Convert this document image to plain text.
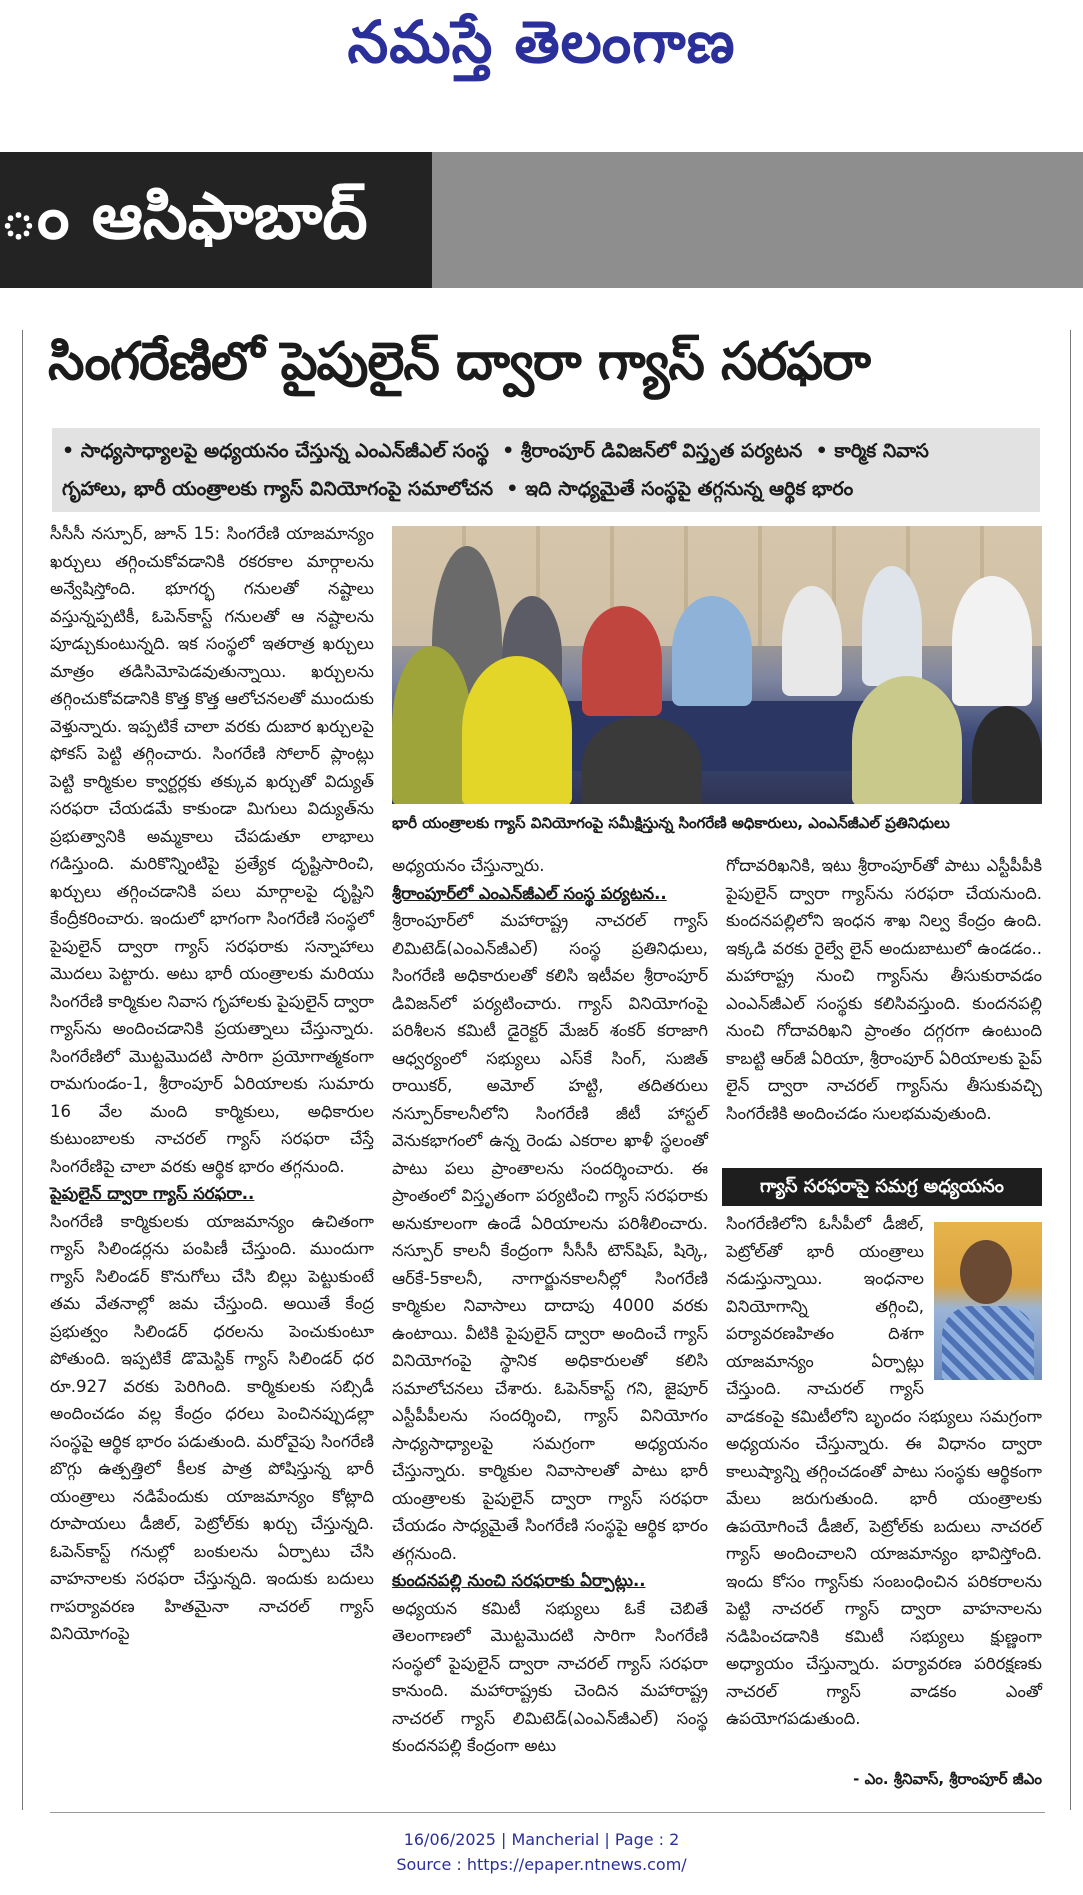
నమస్తే తెలంగాణ
ం ఆసిఫాబాద్
సింగరేణిలో పైపులైన్ ద్వారా గ్యాస్ సరఫరా
• సాధ్యసాధ్యాలపై అధ్యయనం చేస్తున్న ఎంఎన్‌జీఎల్ సంస్థ • శ్రీరాంపూర్ డివిజన్‌లో విస్తృత పర్యటన • కార్మిక నివాస
గృహాలు, భారీ యంత్రాలకు గ్యాస్ వినియోగంపై సమాలోచన • ఇది సాధ్యమైతే సంస్థపై తగ్గనున్న ఆర్థిక భారం
భారీ యంత్రాలకు గ్యాస్ వినియోగంపై సమీక్షిస్తున్న సింగరేణి అధికారులు, ఎంఎన్‌జీఎల్ ప్రతినిధులు

సీసీసీ నస్పూర్, జూన్ 15: సింగరేణి యాజమాన్యం ఖర్చులు తగ్గించుకోవడానికి రకరకాల మార్గాలను అన్వేషిస్తోంది. భూగర్భ గనులతో నష్టాలు వస్తున్నప్పటికీ, ఓపెన్‌కాస్ట్ గనులతో ఆ నష్టాలను పూడ్చుకుంటున్నది. ఇక సంస్థలో ఇతరాత్ర ఖర్చులు మాత్రం తడిసిమోపెడవుతున్నాయి. ఖర్చులను తగ్గించుకోవడానికి కొత్త కొత్త ఆలోచనలతో ముందుకు వెళ్తున్నారు. ఇప్పటికే చాలా వరకు దుబార ఖర్చులపై ఫోకస్ పెట్టి తగ్గించారు. సింగరేణి సోలార్ ప్లాంట్లు పెట్టి కార్మికుల క్వార్టర్లకు తక్కువ ఖర్చుతో విద్యుత్ సరఫరా చేయడమే కాకుండా మిగులు విద్యుత్‌ను ప్రభుత్వానికి అమ్మకాలు చేపడుతూ లాభాలు గడిస్తుంది. మరికొన్నింటిపై ప్రత్యేక దృష్టిసారించి, ఖర్చులు తగ్గించడానికి పలు మార్గాలపై దృష్టిని కేంద్రీకరించారు. ఇందులో భాగంగా సింగరేణి సంస్థలో పైపులైన్ ద్వారా గ్యాస్ సరఫరాకు సన్నాహాలు మొదలు పెట్టారు. అటు భారీ యంత్రాలకు మరియు సింగరేణి కార్మికుల నివాస గృహాలకు పైపులైన్ ద్వారా గ్యాస్‌ను అందించడానికి ప్రయత్నాలు చేస్తున్నారు. సింగరేణిలో మొట్టమొదటి సారిగా ప్రయోగాత్మకంగా రామగుండం-1, శ్రీరాంపూర్ ఏరియాలకు సుమారు 16 వేల మంది కార్మికులు, అధికారుల కుటుంబాలకు నాచరల్ గ్యాస్ సరఫరా చేస్తే సింగరేణిపై చాలా వరకు ఆర్థిక భారం తగ్గనుంది.

పైపులైన్ ద్వారా గ్యాస్ సరఫరా..

సింగరేణి కార్మికులకు యాజమాన్యం ఉచితంగా గ్యాస్ సిలిండర్లను పంపిణీ చేస్తుంది. ముందుగా గ్యాస్ సిలిండర్ కొనుగోలు చేసి బిల్లు పెట్టుకుంటే తమ వేతనాల్లో జమ చేస్తుంది. అయితే కేంద్ర ప్రభుత్వం సిలిండర్ ధరలను పెంచుకుంటూ పోతుంది. ఇప్పటికే డొమెస్టిక్ గ్యాస్ సిలిండర్ ధర రూ.927 వరకు పెరిగింది. కార్మికులకు సబ్సిడీ అందించడం వల్ల కేంద్రం ధరలు పెంచినప్పుడల్లా సంస్థపై ఆర్థిక భారం పడుతుంది. మరోవైపు సింగరేణి బొగ్గు ఉత్పత్తిలో కీలక పాత్ర పోషిస్తున్న భారీ యంత్రాలు నడిపేందుకు యాజమాన్యం కోట్లాది రూపాయలు డీజిల్, పెట్రోల్‌కు ఖర్చు చేస్తున్నది. ఓపెన్‌కాస్ట్ గనుల్లో బంకులను ఏర్పాటు చేసి వాహనాలకు సరఫరా చేస్తున్నది. ఇందుకు బదులు గాపర్యావరణ హితమైనా నాచరల్ గ్యాస్ వినియోగంపై

అధ్యయనం చేస్తున్నారు.

శ్రీరాంపూర్‌లో ఎంఎన్‌జీఎల్ సంస్థ పర్యటన..

శ్రీరాంపూర్‌లో మహారాష్ట్ర నాచరల్ గ్యాస్ లిమిటెడ్(ఎంఎన్‌జీఎల్) సంస్థ ప్రతినిధులు, సింగరేణి అధికారులతో కలిసి ఇటీవల శ్రీరాంపూర్ డివిజన్‌లో పర్యటించారు. గ్యాస్ వినియోగంపై పరిశీలన కమిటీ డైరెక్టర్ మేజర్ శంకర్ కరాజాగి ఆధ్వర్యంలో సభ్యులు ఎస్‌కే సింగ్, సుజిత్ రాయికర్, అమోల్ హట్టి, తదితరులు నస్పూర్‌కాలనీలోని సింగరేణి జీటీ హాస్టల్ వెనుకభాగంలో ఉన్న రెండు ఎకరాల ఖాళీ స్థలంతో పాటు పలు ప్రాంతాలను సందర్శించారు. ఈ ప్రాంతంలో విస్తృతంగా పర్యటించి గ్యాస్ సరఫరాకు అనుకూలంగా ఉండే ఏరియాలను పరిశీలించారు. నస్పూర్ కాలనీ కేంద్రంగా సీసీసీ టౌన్‌షిప్, షిర్కె, ఆర్‌కే-5కాలనీ, నాగార్జునకాలనీల్లో సింగరేణి కార్మికుల నివాసాలు దాదాపు 4000 వరకు ఉంటాయి. వీటికి పైపులైన్ ద్వారా అందించే గ్యాస్ వినియోగంపై స్థానిక అధికారులతో కలిసి సమాలోచనలు చేశారు. ఓపెన్‌కాస్ట్ గని, జైపూర్ ఎస్టీపీపీలను సందర్శించి, గ్యాస్ వినియోగం సాధ్యసాధ్యాలపై సమగ్రంగా అధ్యయనం చేస్తున్నారు. కార్మికుల నివాసాలతో పాటు భారీ యంత్రాలకు పైపులైన్ ద్వారా గ్యాస్ సరఫరా చేయడం సాధ్యమైతే సింగరేణి సంస్థపై ఆర్థిక భారం తగ్గనుంది.

కుందనపల్లి నుంచి సరఫరాకు ఏర్పాట్లు..

అధ్యయన కమిటీ సభ్యులు ఓకే చెబితే తెలంగాణలో మొట్టమొదటి సారిగా సింగరేణి సంస్థలో పైపులైన్ ద్వారా నాచరల్ గ్యాస్ సరఫరా కానుంది. మహారాష్ట్రకు చెందిన మహారాష్ట్ర నాచరల్ గ్యాస్ లిమిటెడ్(ఎంఎన్‌జీఎల్) సంస్థ కుందనపల్లి కేంద్రంగా అటు

గోదావరిఖనికి, ఇటు శ్రీరాంపూర్‌తో పాటు ఎస్టీపీపీకి పైపులైన్ ద్వారా గ్యాస్‌ను సరఫరా చేయనుంది. కుందనపల్లిలోని ఇంధన శాఖ నిల్వ కేంద్రం ఉంది. ఇక్కడి వరకు రైల్వే లైన్ అందుబాటులో ఉండడం.. మహారాష్ట్ర నుంచి గ్యాస్‌ను తీసుకురావడం ఎంఎన్‌జీఎల్ సంస్థకు కలిసివస్తుంది. కుందనపల్లి నుంచి గోదావరిఖని ప్రాంతం దగ్గరగా ఉంటుంది కాబట్టి ఆర్‌జీ ఏరియా, శ్రీరాంపూర్ ఏరియాలకు పైప్ లైన్ ద్వారా నాచరల్ గ్యాస్‌ను తీసుకువచ్చి సింగరేణికి అందించడం సులభమవుతుంది.

గ్యాస్ సరఫరాపై సమగ్ర అధ్యయనం

సింగరేణిలోని ఓసీపీలో డీజిల్, పెట్రోల్‌తో భారీ యంత్రాలు నడుస్తున్నాయి. ఇంధనాల వినియోగాన్ని తగ్గించి, పర్యావరణహితం దిశగా యాజమాన్యం ఏర్పాట్లు చేస్తుంది. నాచురల్ గ్యాస్ వాడకంపై కమిటీలోని బృందం సభ్యులు సమగ్రంగా అధ్యయనం చేస్తున్నారు. ఈ విధానం ద్వారా కాలుష్యాన్ని తగ్గించడంతో పాటు సంస్థకు ఆర్థికంగా మేలు జరుగుతుంది. భారీ యంత్రాలకు ఉపయోగించే డీజిల్, పెట్రోల్‌కు బదులు నాచరల్ గ్యాస్ అందించాలని యాజమాన్యం భావిస్తోంది. ఇందు కోసం గ్యాస్‌కు సంబంధించిన పరికరాలను పెట్టి నాచరల్ గ్యాస్ ద్వారా వాహనాలను నడిపించడానికి కమిటీ సభ్యులు క్షుణ్ణంగా అధ్యాయం చేస్తున్నారు. పర్యావరణ పరిరక్షణకు నాచరల్ గ్యాస్ వాడకం ఎంతో ఉపయోగపడుతుంది.

- ఎం. శ్రీనివాస్, శ్రీరాంపూర్ జీఎం
16/06/2025 | Mancherial | Page : 2
Source : https://epaper.ntnews.com/
